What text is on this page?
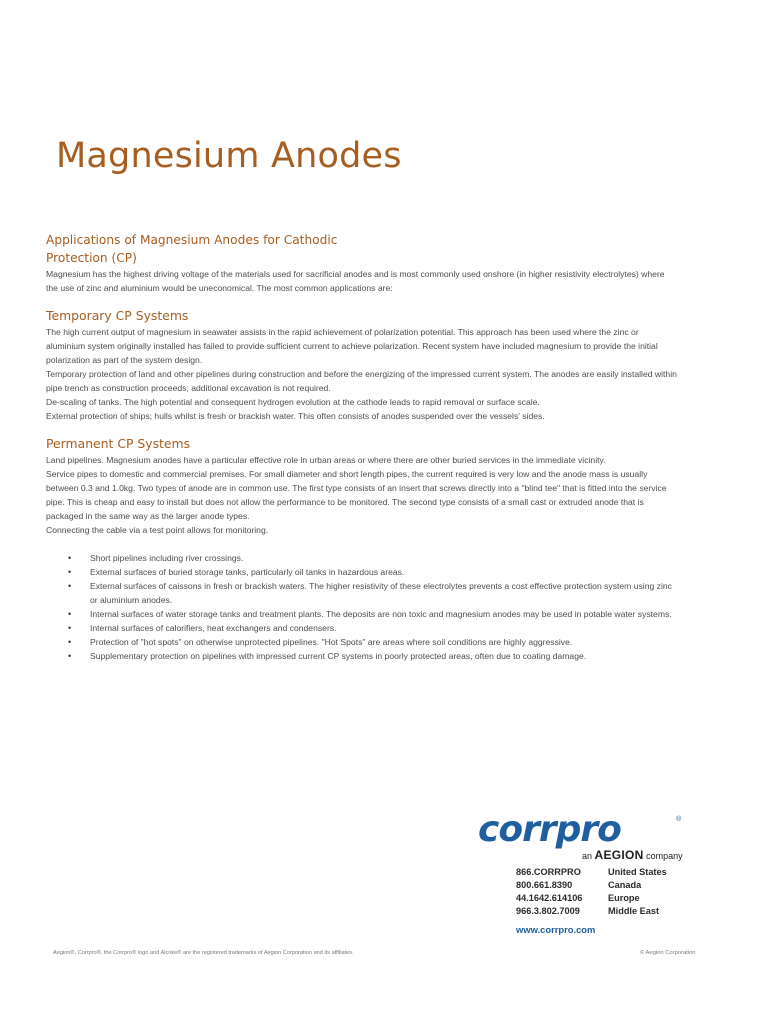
Magnesium Anodes
Applications of Magnesium Anodes for Cathodic Protection (CP)

Magnesium has the highest driving voltage of the materials used for sacrificial anodes and is most commonly used onshore (in higher resistivity electrolytes) where the use of zinc and aluminium would be uneconomical. The most common applications are:

Temporary CP Systems

The high current output of magnesium in seawater assists in the rapid achievement of polarization potential. This approach has been used where the zinc or aluminium system originally installed has failed to provide sufficient current to achieve polarization. Recent system have included magnesium to provide the initial polarization as part of the system design.

Temporary protection of land and other pipelines during construction and before the energizing of the impressed current system. The anodes are easily installed within pipe trench as construction proceeds; additional excavation is not required.

De-scaling of tanks. The high potential and consequent hydrogen evolution at the cathode leads to rapid removal or surface scale.

External protection of ships; hulls whilst is fresh or brackish water. This often consists of anodes suspended over the vessels' sides.

Permanent CP Systems

Land pipelines. Magnesium anodes have a particular effective role in urban areas or where there are other buried services in the immediate vicinity.

Service pipes to domestic and commercial premises. For small diameter and short length pipes, the current required is very low and the anode mass is usually between 0.3 and 1.0kg. Two types of anode are in common use. The first type consists of an insert that screws directly into a "blind tee" that is fitted into the service pipe. This is cheap and easy to install but does not allow the performance to be monitored. The second type consists of a small cast or extruded anode that is packaged in the same way as the larger anode types.

Connecting the cable via a test point allows for monitoring.

• Short pipelines including river crossings.
• External surfaces of buried storage tanks, particularly oil tanks in hazardous areas.
• External surfaces of caissons in fresh or brackish waters. The higher resistivity of these electrolytes prevents a cost effective protection system using zinc or aluminium anodes.
• Internal surfaces of water storage tanks and treatment plants. The deposits are non toxic and magnesium anodes may be used in potable water systems.
• Internal surfaces of calorifiers, heat exchangers and condensers.
• Protection of "hot spots" on otherwise unprotected pipelines. "Hot Spots" are areas where soil conditions are highly aggressive.
• Supplementary protection on pipelines with impressed current CP systems in poorly protected areas, often due to coating damage.
corrpro	®
an AEGION company
866.CORRPRO	United States
800.661.8390	Canada
44.1642.614106	Europe
966.3.802.7009	Middle East
www.corrpro.com
Aegion®, Corrpro®, the Corrpro® logo and Alcoke® are the registered trademarks of Aegion Corporation and its affiliates.	© Aegion Corporation
